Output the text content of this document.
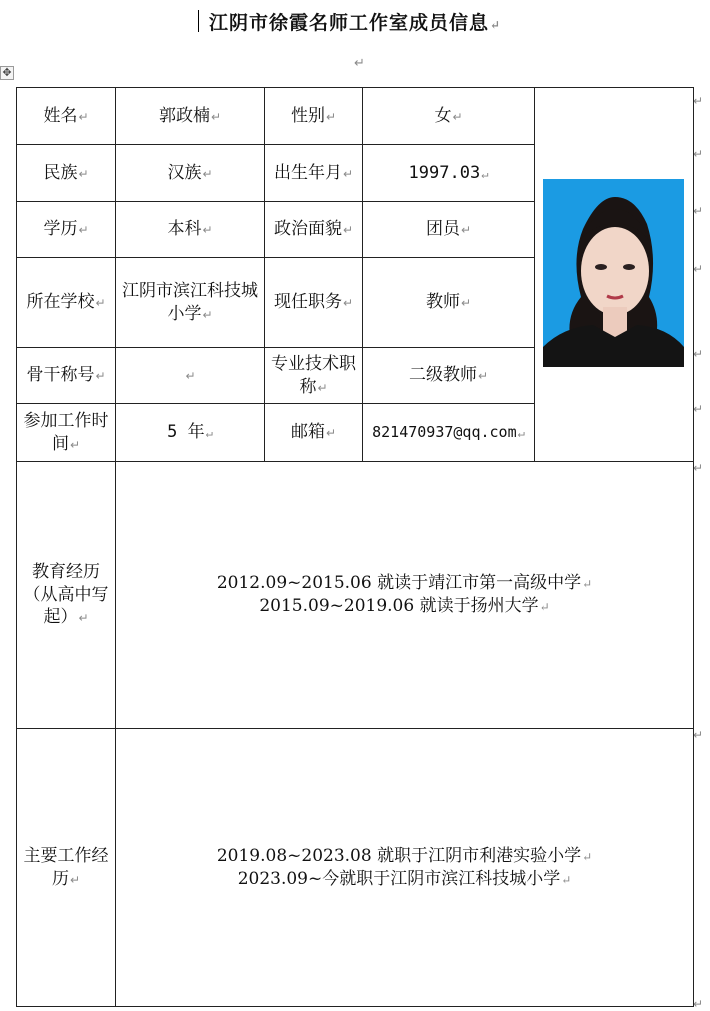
江阴市徐霞名师工作室成员信息↵
↵
✥
↵
↵
↵
↵
↵
↵
↵
↵
↵
姓名↵	郭政楠↵	性别↵	女↵	

民族↵	汉族↵	出生年月↵	1997.03↵	
学历↵	本科↵	政治面貌↵	团员↵	
所在学校↵	江阴市滨江科技城小学↵	现任职务↵	教师↵	
骨干称号↵	↵	专业技术职称↵	二级教师↵	
参加工作时间↵	5 年↵	邮箱↵	821470937@qq.com↵	
教育经历（从高中写起）↵	2012.09~2015.06 就读于靖江市第一高级中学↵
2015.09~2019.06 就读于扬州大学↵			

主要工作经历↵	2019.08~2023.08 就职于江阴市利港实验小学↵
2023.09~今就职于江阴市滨江科技城小学↵			
